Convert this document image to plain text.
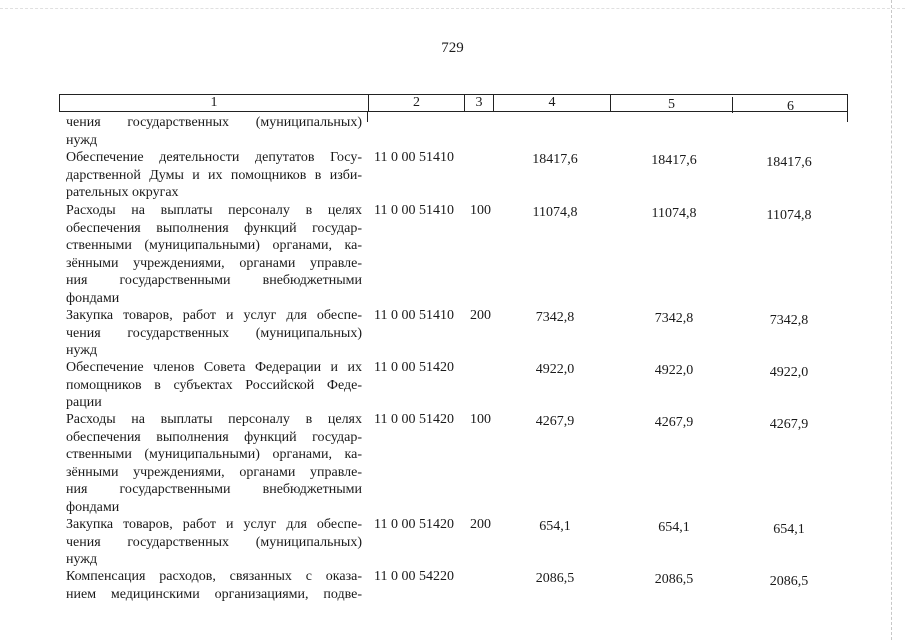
729
1	2	3	4	5	6
чения государственных (муниципальных)
нужд
Обеспечение деятельности депутатов Госу-
дарственной Думы и их помощников в изби-
рательных округах
11 0 00 51410	18417,6	18417,6	18417,6
Расходы на выплаты персоналу в целях
обеспечения выполнения функций государ-
ственными (муниципальными) органами, ка-
зёнными учреждениями, органами управле-
ния государственными внебюджетными
фондами
11 0 00 51410 100	11074,8	11074,8	11074,8
Закупка товаров, работ и услуг для обеспе-
чения государственных (муниципальных)
нужд
11 0 00 51410 200	7342,8	7342,8	7342,8
Обеспечение членов Совета Федерации и их
помощников в субъектах Российской Феде-
рации
11 0 00 51420	4922,0	4922,0	4922,0
Расходы на выплаты персоналу в целях
обеспечения выполнения функций государ-
ственными (муниципальными) органами, ка-
зёнными учреждениями, органами управле-
ния государственными внебюджетными
фондами
11 0 00 51420 100	4267,9	4267,9	4267,9
Закупка товаров, работ и услуг для обеспе-
чения государственных (муниципальных)
нужд
11 0 00 51420 200	654,1	654,1	654,1
Компенсация расходов, связанных с оказа-
нием медицинскими организациями, подве-
11 0 00 54220	2086,5	2086,5	2086,5
